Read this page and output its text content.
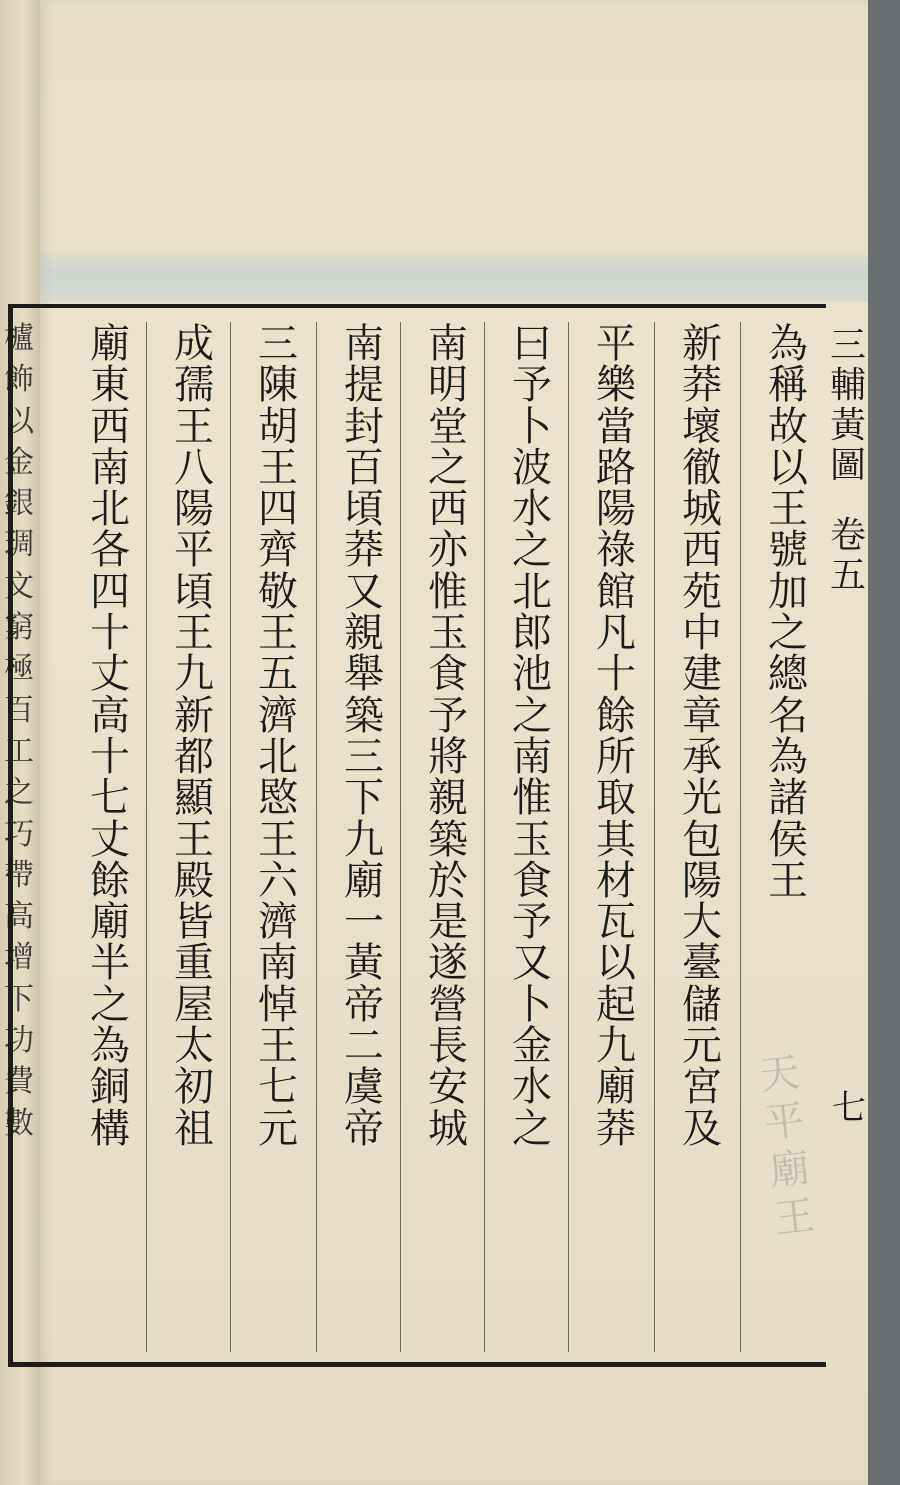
櫨
飾
以
金
銀
琱
文
窮
極
百
工
之
巧
帶
高
增
下
功
費
數
為
稱
故
以
王
號
加
之
總
名
為
諸
侯
王
新
莽
壞
徹
城
西
苑
中
建
章
承
光
包
陽
大
臺
儲
元
宮
及
平
樂
當
路
陽
祿
館
凡
十
餘
所
取
其
材
瓦
以
起
九
廟
莽
曰
予
卜
波
水
之
北
郎
池
之
南
惟
玉
食
予
又
卜
金
水
之
南
明
堂
之
西
亦
惟
玉
食
予
將
親
築
於
是
遂
營
長
安
城
南
提
封
百
頃
莽
又
親
舉
築
三
下
九
廟
一
黃
帝
二
虞
帝
三
陳
胡
王
四
齊
敬
王
五
濟
北
愍
王
六
濟
南
悼
王
七
元
成
孺
王
八
陽
平
頃
王
九
新
都
顯
王
殿
皆
重
屋
太
初
祖
廟
東
西
南
北
各
四
十
丈
高
十
七
丈
餘
廟
半
之
為
銅
構
三
輔
黃
圖
卷
五
七
天
平
廟
王
